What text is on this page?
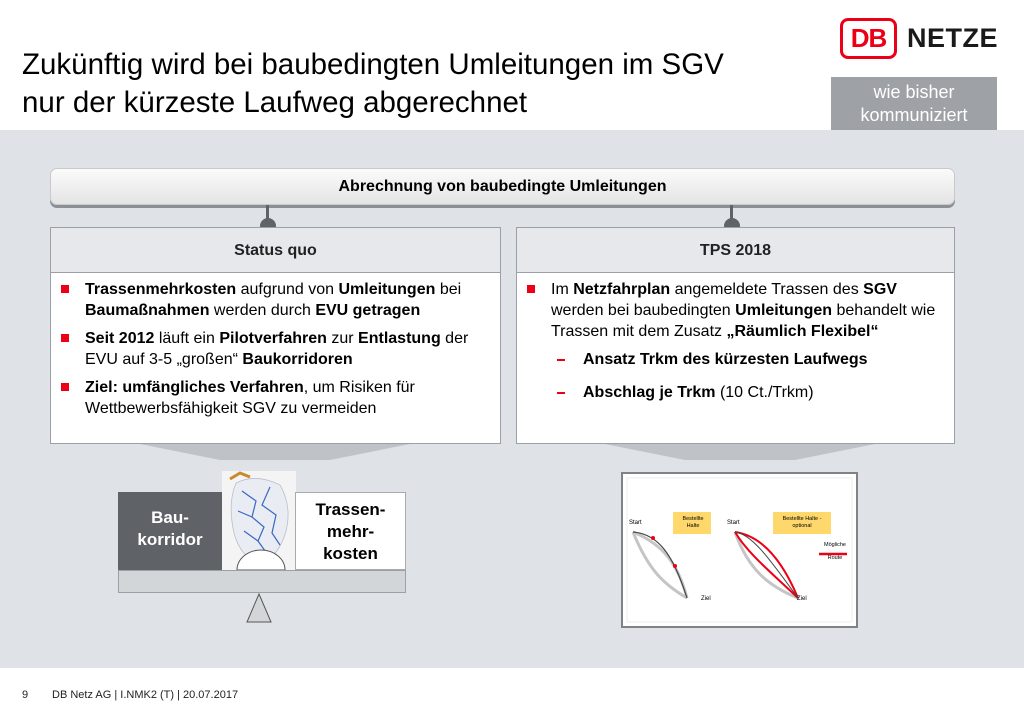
Zukünftig wird bei baubedingten Umleitungen im SGV
nur der kürzeste Laufweg abgerechnet
DB NETZE
wie bisher
kommuniziert
Abrechnung von baubedingte Umleitungen
Status quo
Trassenmehrkosten aufgrund von Umleitungen bei Baumaßnahmen werden durch EVU getragen
Seit 2012 läuft ein Pilotverfahren zur Entlastung der EVU auf 3-5 „großen“ Baukorridoren
Ziel: umfängliches Verfahren, um Risiken für Wettbewerbsfähigkeit SGV zu vermeiden
TPS 2018
Im Netzfahrplan angemeldete Trassen des SGV werden bei baubedingten Umleitungen behandelt wie Trassen mit dem Zusatz „Räumlich Flexibel“
Ansatz Trkm des kürzesten Laufwegs
Abschlag je Trkm (10 Ct./Trkm)
Bau-
korridor
Trassen-
mehr-
kosten
Start
Bestellte
Halte	Start
Bestellte Halte -
optional
Mögliche
Route
Ziel	Ziel
9 DB Netz AG | I.NMK2 (T) | 20.07.2017
